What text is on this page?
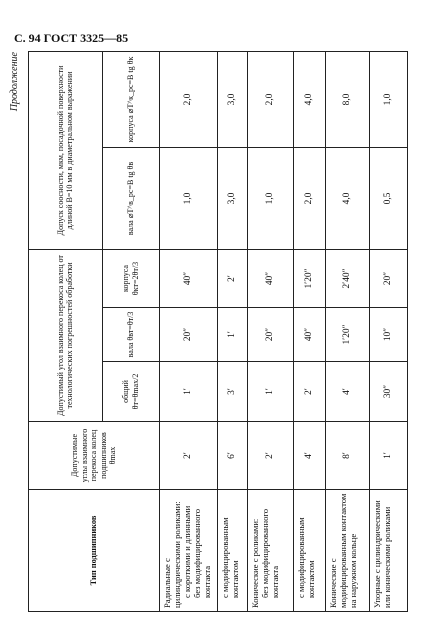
С. 94 ГОСТ 3325—85
Продолжение
Тип подшипников	Допустимые углы взаимного перекоса колец подшипников θmax	Допустимый угол взаимного перекоса колец от технологических погрешностей обработки			Допуск соосности, мкм, посадочной поверхности длиной B=10 мм в диаметральном выражении	
		общий θт=θmax/2	вала θвт=θт/3	корпуса θкт=2θт/3	вала ⌀T^в_рс=B tg θв	корпуса ⌀T^к_рс=B tg θк

Радиальные с цилиндрическими роликами: с короткими и длинными без модифицированного контакта	2′	1′	20″	40″	1,0	2,0

с модифицированным контактом	6′	3′	1′	2′	3,0	3,0

Конические с роликами: без модифицированного контакта	2′	1′	20″	40″	1,0	2,0

с модифицированным контактом	4′	2′	40″	1′20″	2,0	4,0

Конические с модифицированным контактом на наружном кольце	8′	4′	1′20″	2′40″	4,0	8,0

Упорные с цилиндрическими или коническими роликами	1′	30″	10″	20″	0,5	1,0
